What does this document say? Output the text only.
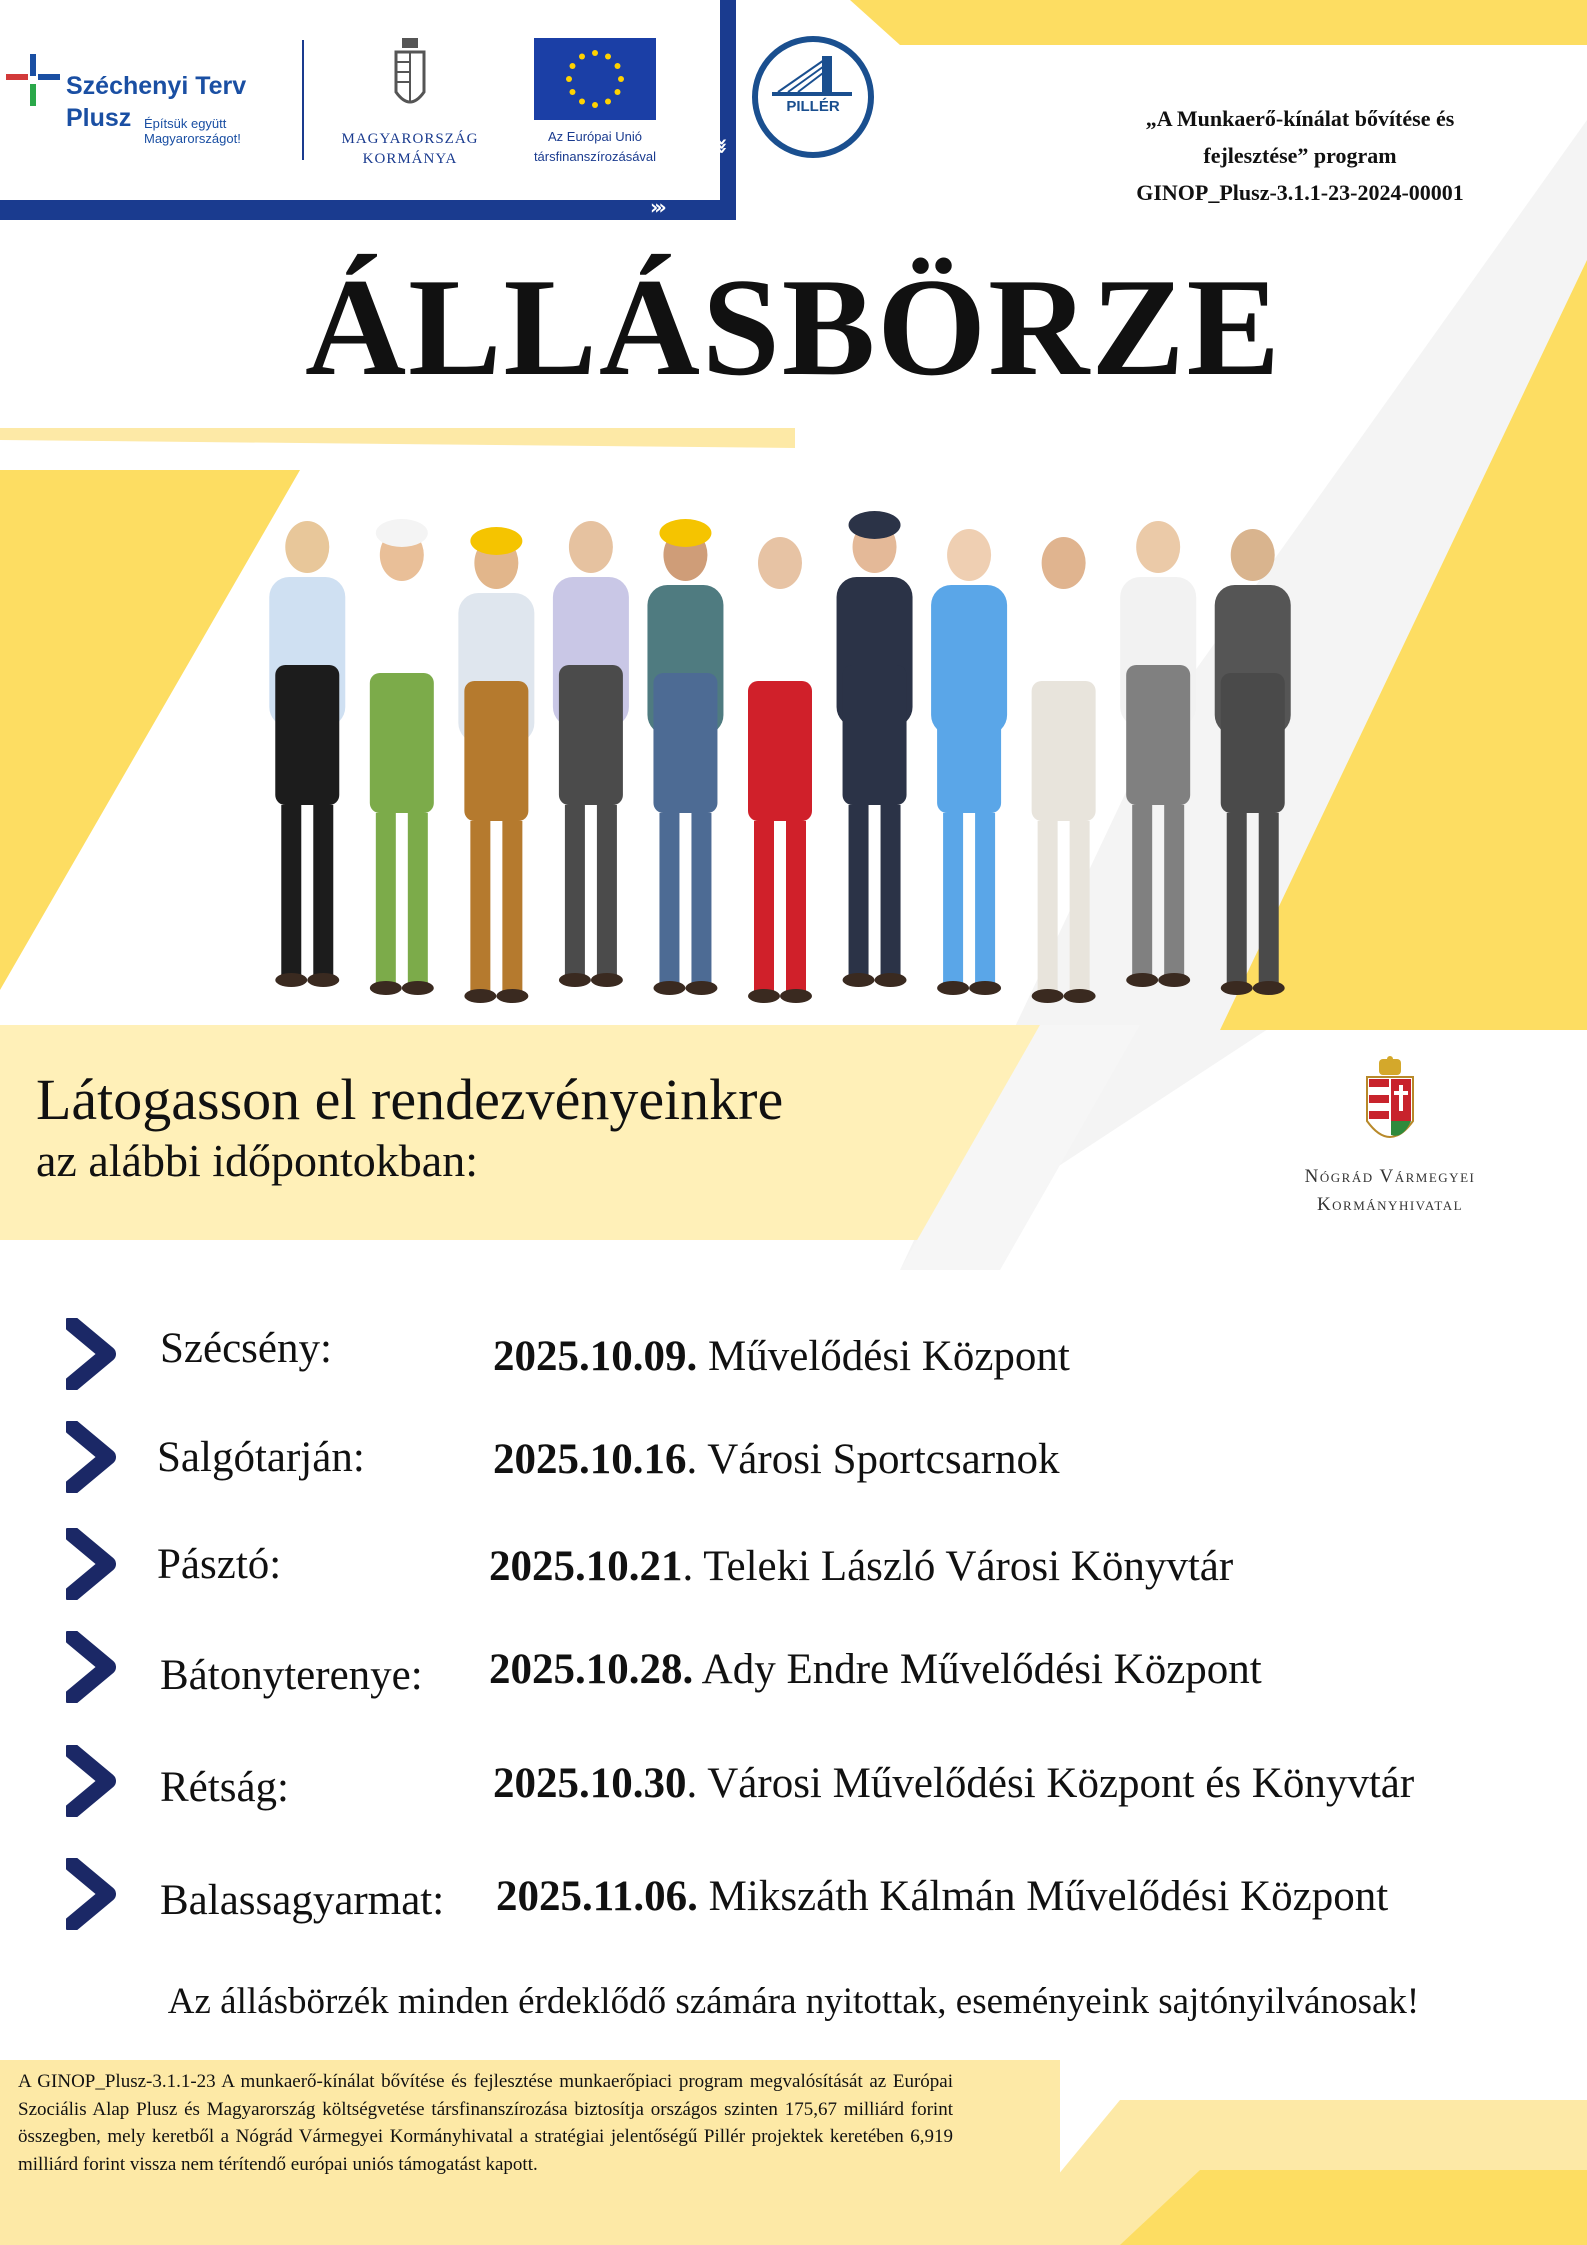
›››
›››
Széchenyi Terv
Plusz Építsük együtt Magyarországot!	MAGYARORSZÁG
KORMÁNYA
Az Európai Unió
társfinanszírozásával
PILLÉR	„A Munkaerő-kínálat bővítése és
fejlesztése” program
GINOP_Plusz-3.1.1-23-2024-00001
ÁLLÁSBÖRZE
Látogasson el rendezvényeinkre
az alábbi időpontokban:	Nógrád Vármegyei
Kormányhivatal
Szécsény:	2025.10.09. Művelődési Központ
Salgótarján:	2025.10.16. Városi Sportcsarnok
Pásztó:	2025.10.21. Teleki László Városi Könyvtár
Bátonyterenye: 2025.10.28. Ady Endre Művelődési Központ
Rétság:	2025.10.30. Városi Művelődési Központ és Könyvtár
Balassagyarmat: 2025.11.06. Mikszáth Kálmán Művelődési Központ
Az állásbörzék minden érdeklődő számára nyitottak, eseményeink sajtónyilvánosak!
A GINOP_Plusz-3.1.1-23 A munkaerő-kínálat bővítése és fejlesztése munkaerőpiaci program megvalósítását az Európai Szociális Alap Plusz és Magyarország költségvetése társfinanszírozása biztosítja országos szinten 175,67 milliárd forint összegben, mely keretből a Nógrád Vármegyei Kormányhivatal a stratégiai jelentőségű Pillér projektek keretében 6,919 milliárd forint vissza nem térítendő európai uniós támogatást kapott.
